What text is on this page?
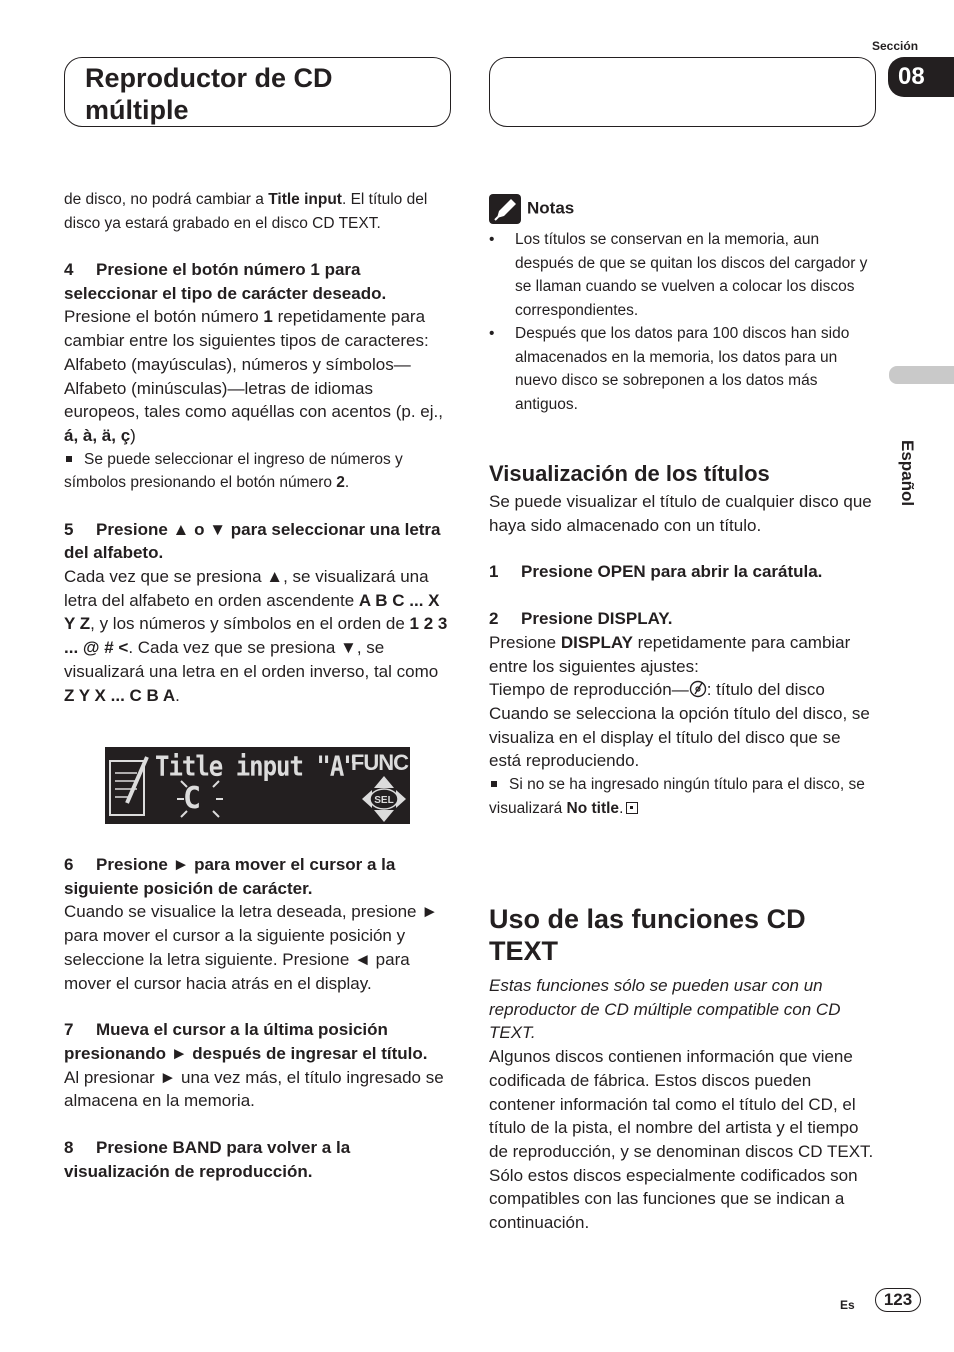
Reproductor de CD múltiple
Sección
08
Español

de disco, no podrá cambiar a Title input. El título del disco ya estará grabado en el disco CD TEXT.

4 Presione el botón número 1 para seleccionar el tipo de carácter deseado.

Presione el botón número 1 repetidamente para cambiar entre los siguientes tipos de caracteres:

Alfabeto (mayúsculas), números y símbolos—Alfabeto (minúsculas)—letras de idiomas europeos, tales como aquéllas con acentos (p. ej., á, à, ä, ç)

Se puede seleccionar el ingreso de números y símbolos presionando el botón número 2.

5 Presione ▲ o ▼ para seleccionar una letra del alfabeto.

Cada vez que se presiona ▲, se visualizará una letra del alfabeto en orden ascendente A B C ... X Y Z, y los números y símbolos en el orden de 1 2 3 ... @ # <. Cada vez que se presiona ▼, se visualizará una letra en el orden inverso, tal como Z Y X ... C B A.

Title input "A"
FUNC
C	SEL

6 Presione ► para mover el cursor a la siguiente posición de carácter.

Cuando se visualice la letra deseada, presione ► para mover el cursor a la siguiente posición y seleccione la letra siguiente. Presione ◄ para mover el cursor hacia atrás en el display.

7 Mueva el cursor a la última posición presionando ► después de ingresar el título.

Al presionar ► una vez más, el título ingresado se almacena en la memoria.

8 Presione BAND para volver a la visualización de reproducción.

Notas

• Los títulos se conservan en la memoria, aun después de que se quitan los discos del cargador y se llaman cuando se vuelven a colocar los discos correspondientes.
• Después que los datos para 100 discos han sido almacenados en la memoria, los datos para un nuevo disco se sobreponen a los datos más antiguos.
Visualización de los títulos

Se puede visualizar el título de cualquier disco que haya sido almacenado con un título.

1 Presione OPEN para abrir la carátula.

2 Presione DISPLAY.

Presione DISPLAY repetidamente para cambiar entre los siguientes ajustes:

Tiempo de reproducción— : título del disco

Cuando se selecciona la opción título del disco, se visualiza en el display el título del disco que se está reproduciendo.

Si no se ha ingresado ningún título para el disco, se visualizará No title.

Uso de las funciones CD TEXT

Estas funciones sólo se pueden usar con un reproductor de CD múltiple compatible con CD TEXT.

Algunos discos contienen información que viene codificada de fábrica. Estos discos pueden contener información tal como el título del CD, el título de la pista, el nombre del artista y el tiempo de reproducción, y se denominan discos CD TEXT. Sólo estos discos especialmente codificados son compatibles con las funciones que se indican a continuación.

Es	123
